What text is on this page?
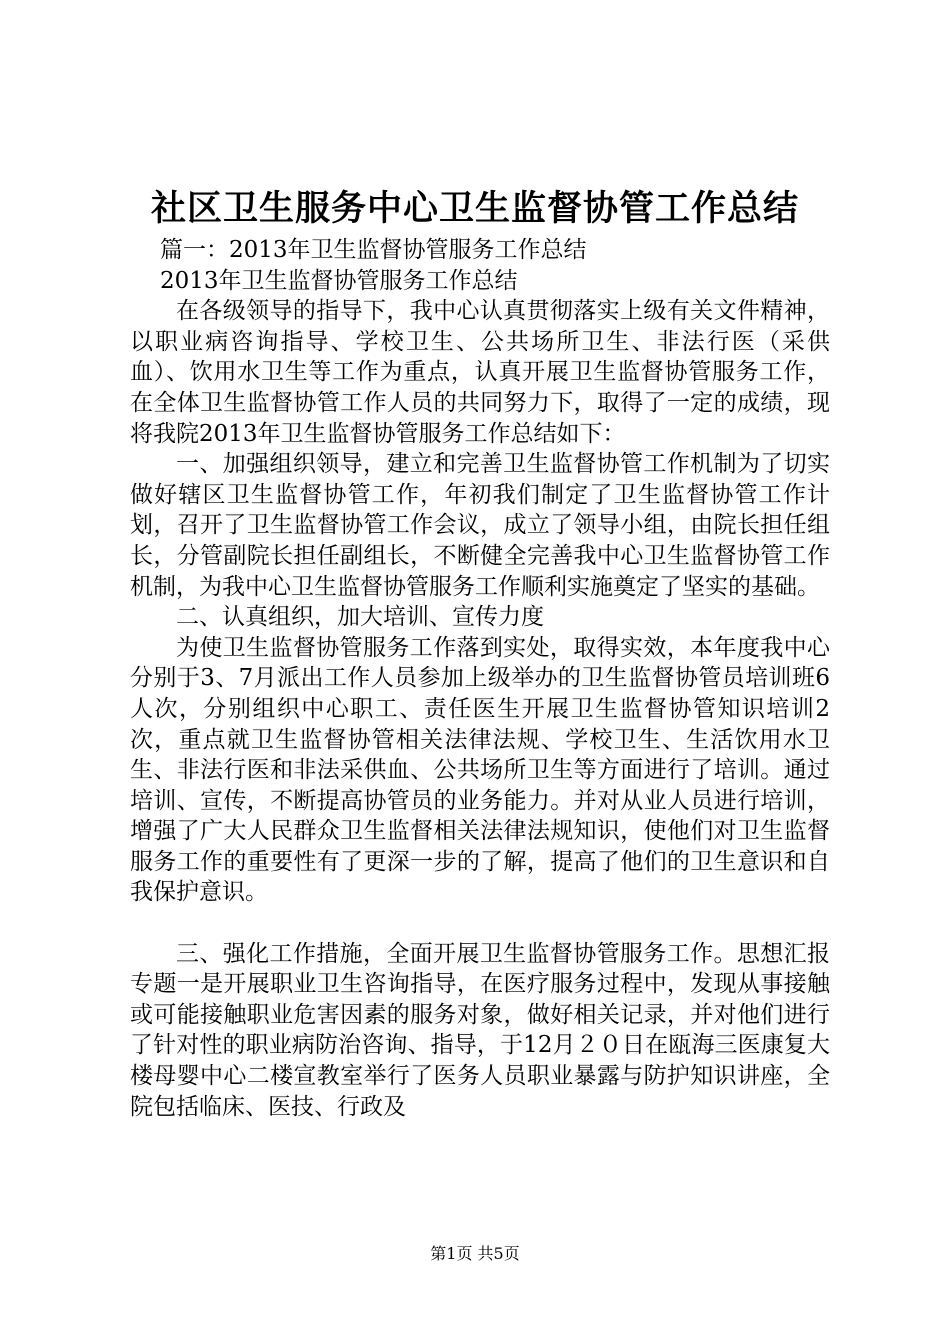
社区卫生服务中心卫生监督协管工作总结

篇一：2013年卫生监督协管服务工作总结

2013年卫生监督协管服务工作总结

在各级领导的指导下，我中心认真贯彻落实上级有关文件精神，以职业病咨询指导、学校卫生、公共场所卫生、非法行医（采供血）、饮用水卫生等工作为重点，认真开展卫生监督协管服务工作，在全体卫生监督协管工作人员的共同努力下，取得了一定的成绩，现将我院2013年卫生监督协管服务工作总结如下：

一、加强组织领导，建立和完善卫生监督协管工作机制为了切实做好辖区卫生监督协管工作，年初我们制定了卫生监督协管工作计划，召开了卫生监督协管工作会议，成立了领导小组，由院长担任组长，分管副院长担任副组长，不断健全完善我中心卫生监督协管工作机制，为我中心卫生监督协管服务工作顺利实施奠定了坚实的基础。

二、认真组织，加大培训、宣传力度

为使卫生监督协管服务工作落到实处，取得实效，本年度我中心分别于3、7月派出工作人员参加上级举办的卫生监督协管员培训班6人次，分别组织中心职工、责任医生开展卫生监督协管知识培训2次，重点就卫生监督协管相关法律法规、学校卫生、生活饮用水卫生、非法行医和非法采供血、公共场所卫生等方面进行了培训。通过培训、宣传，不断提高协管员的业务能力。并对从业人员进行培训，增强了广大人民群众卫生监督相关法律法规知识，使他们对卫生监督服务工作的重要性有了更深一步的了解，提高了他们的卫生意识和自我保护意识。

三、强化工作措施，全面开展卫生监督协管服务工作。思想汇报专题一是开展职业卫生咨询指导，在医疗服务过程中，发现从事接触或可能接触职业危害因素的服务对象，做好相关记录，并对他们进行了针对性的职业病防治咨询、指导，于12月２０日在瓯海三医康复大楼母婴中心二楼宣教室举行了医务人员职业暴露与防护知识讲座，全院包括临床、医技、行政及

第1页 共5页
